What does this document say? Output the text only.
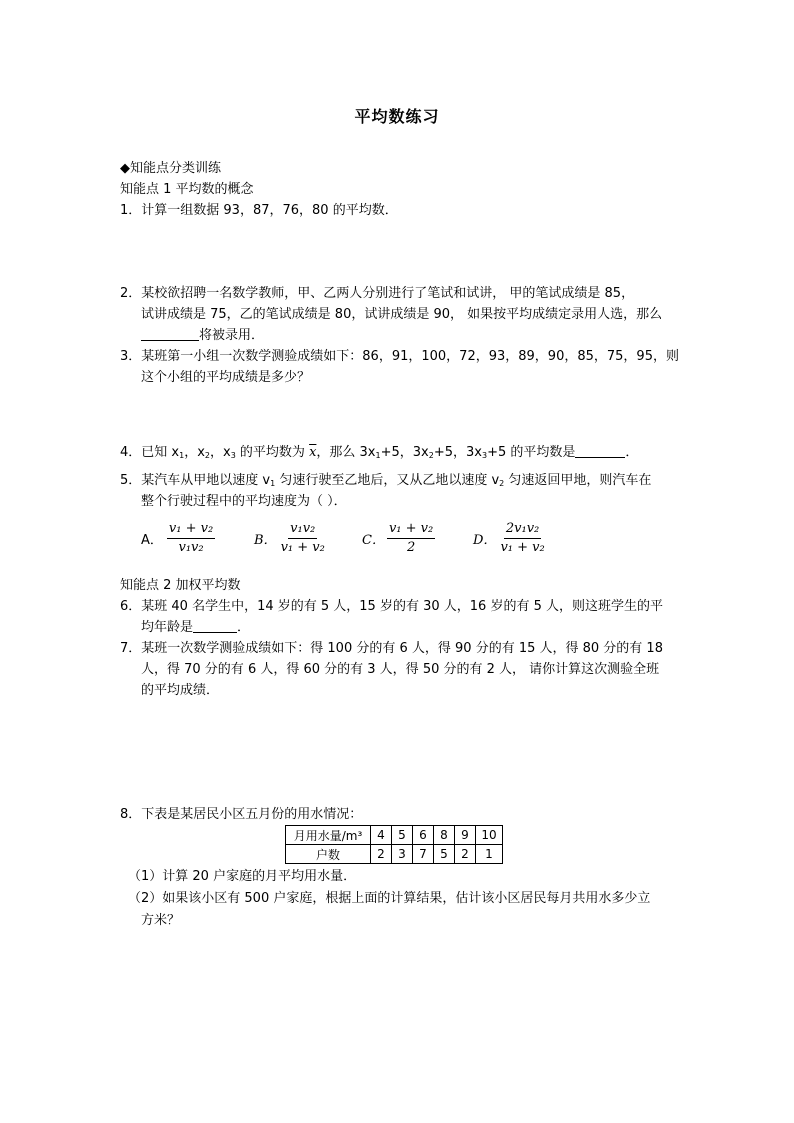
平均数练习
◆知能点分类训练
知能点 1 平均数的概念
1．计算一组数据 93，87，76，80 的平均数．
2．某校欲招聘一名数学教师，甲、乙两人分别进行了笔试和试讲， 甲的笔试成绩是 85，
试讲成绩是 75，乙的笔试成绩是 80，试讲成绩是 90， 如果按平均成绩定录用人选，那么
将被录用．
3．某班第一小组一次数学测验成绩如下：86，91，100，72，93，89，90，85，75，95，则
这个小组的平均成绩是多少？
4．已知 $x_1$，$x_2$，$x_3$ 的平均数为 $\overline{x}$，那么 $3x_1+5$，$3x_2+5$，$3x_3+5$ 的平均数是	．
5．某汽车从甲地以速度 $v_1$ 匀速行驶至乙地后，又从乙地以速度 $v_2$ 匀速返回甲地，则汽车在
整个行驶过程中的平均速度为（ ）．
A． $\frac{\text{v₁ + v₂}}{\text{v₁v₂}}$	B． $\frac{\text{v₁v₂}}{\text{v₁ + v₂}}$	C． $\frac{\text{v₁ + v₂}}{2}$	D． $\frac{\text{2v₁v₂}}{\text{v₁ + v₂}}$
知能点 2 加权平均数
6．某班 40 名学生中，14 岁的有 5 人，15 岁的有 30 人，16 岁的有 5 人，则这班学生的平
均年龄是	．
7．某班一次数学测验成绩如下：得 100 分的有 6 人，得 90 分的有 15 人，得 80 分的有 18
人，得 70 分的有 6 人，得 60 分的有 3 人，得 50 分的有 2 人， 请你计算这次测验全班
的平均成绩．
8．下表是某居民小区五月份的用水情况：
月用水量/m³	4	5	6	8	9	10
户数	2	3	7	5	2	1
（1）计算 20 户家庭的月平均用水量．
（2）如果该小区有 500 户家庭，根据上面的计算结果，估计该小区居民每月共用水多少立
方米？
